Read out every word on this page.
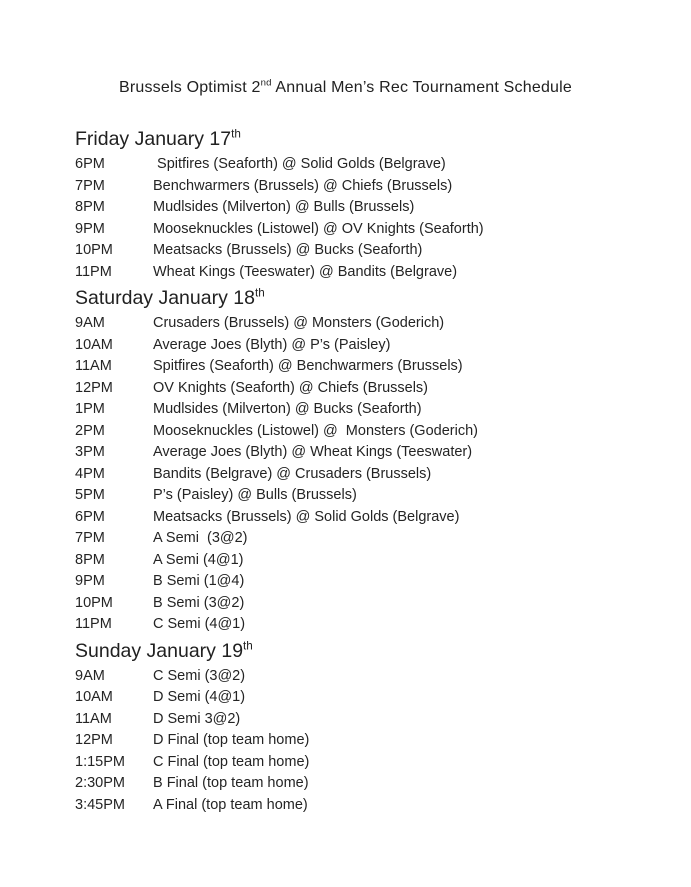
Brussels Optimist 2nd Annual Men’s Rec Tournament Schedule
Friday January 17th
6PM	Spitfires (Seaforth) @ Solid Golds (Belgrave)
7PM	Benchwarmers (Brussels) @ Chiefs (Brussels)
8PM	Mudlsides (Milverton) @ Bulls (Brussels)
9PM	Mooseknuckles (Listowel) @ OV Knights (Seaforth)
10PM	Meatsacks (Brussels) @ Bucks (Seaforth)
11PM	Wheat Kings (Teeswater) @ Bandits (Belgrave)
Saturday January 18th
9AM	Crusaders (Brussels) @ Monsters (Goderich)
10AM	Average Joes (Blyth) @ P’s (Paisley)
11AM	Spitfires (Seaforth) @ Benchwarmers (Brussels)
12PM	OV Knights (Seaforth) @ Chiefs (Brussels)
1PM	Mudlsides (Milverton) @ Bucks (Seaforth)
2PM	Mooseknuckles (Listowel) @  Monsters (Goderich)
3PM	Average Joes (Blyth) @ Wheat Kings (Teeswater)
4PM	Bandits (Belgrave) @ Crusaders (Brussels)
5PM	P’s (Paisley) @ Bulls (Brussels)
6PM	Meatsacks (Brussels) @ Solid Golds (Belgrave)
7PM	A Semi  (3@2)
8PM	A Semi (4@1)
9PM	B Semi (1@4)
10PM	B Semi (3@2)
11PM	C Semi (4@1)
Sunday January 19th
9AM	C Semi (3@2)
10AM	D Semi (4@1)
11AM	D Semi 3@2)
12PM	D Final (top team home)
1:15PM	C Final (top team home)
2:30PM	B Final (top team home)
3:45PM	A Final (top team home)
